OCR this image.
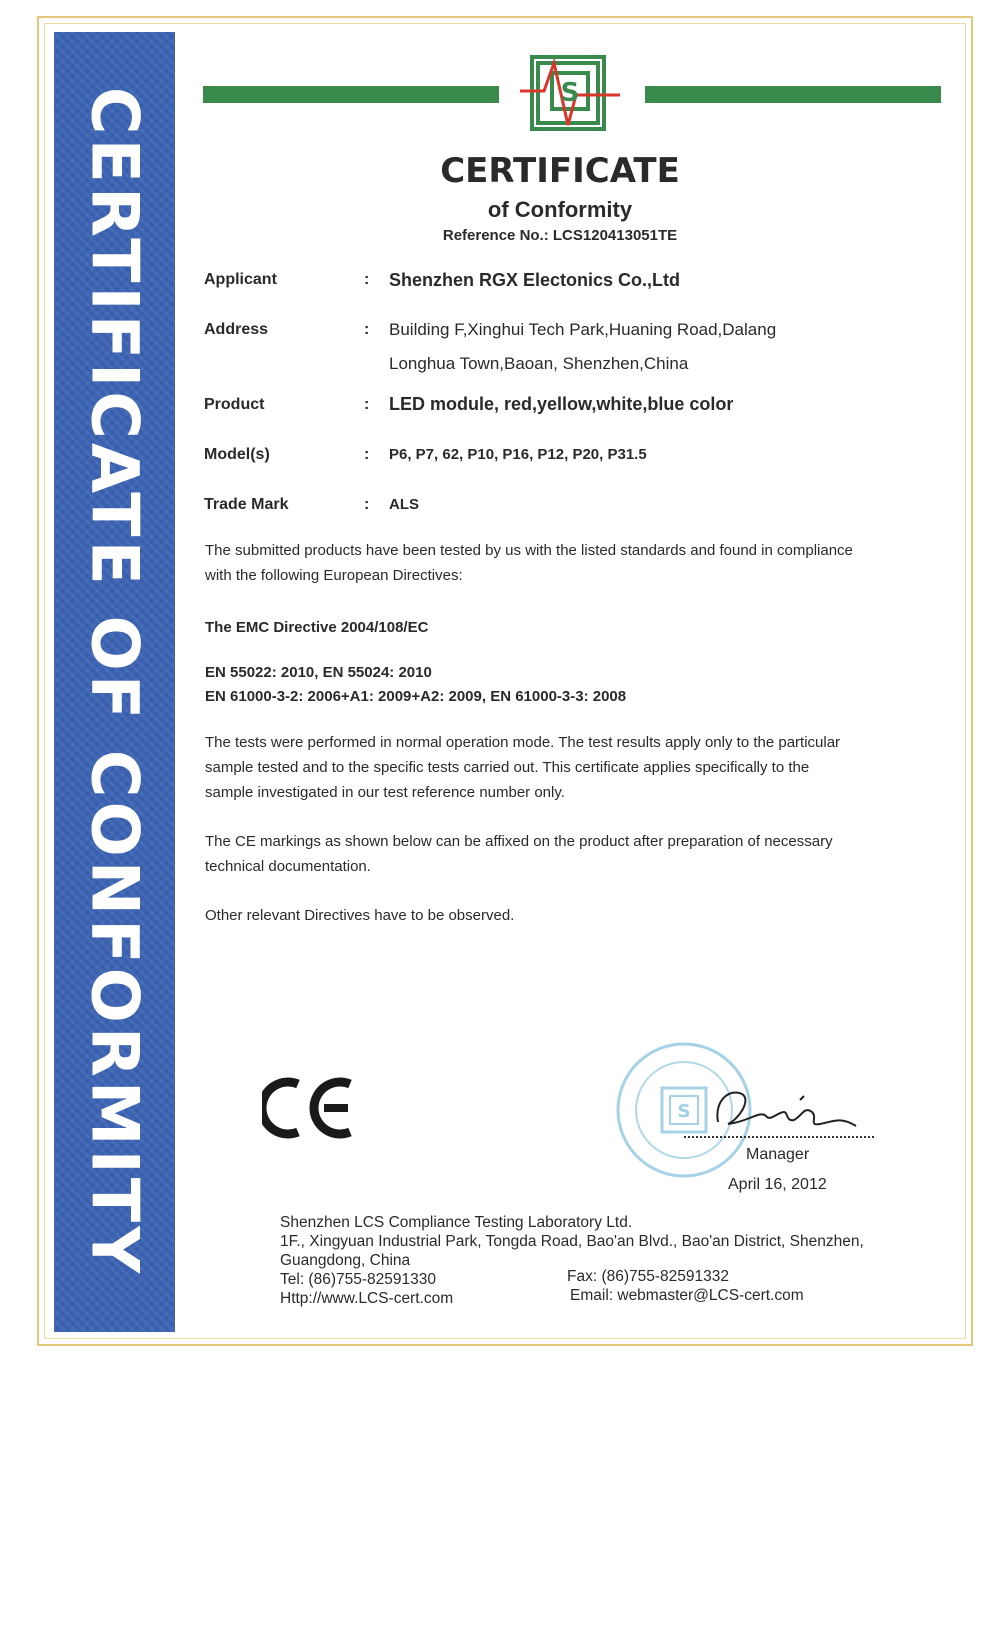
CERTIFICATE OF CONFORMITY	S
CERTIFICATE
of Conformity
Reference No.: LCS120413051TE
Applicant	: Shenzhen RGX Electonics Co.,Ltd
Address	: Building F,Xinghui Tech Park,Huaning Road,Dalang
Longhua Town,Baoan, Shenzhen,China
Product	: LED module, red,yellow,white,blue color
Model(s)	: P6, P7, 62, P10, P16, P12, P20, P31.5
Trade Mark	: ALS
The submitted products have been tested by us with the listed standards and found in compliance
with the following European Directives:
The EMC Directive 2004/108/EC
EN 55022: 2010, EN 55024: 2010
EN 61000-3-2: 2006+A1: 2009+A2: 2009, EN 61000-3-3: 2008
The tests were performed in normal operation mode. The test results apply only to the particular
sample tested and to the specific tests carried out. This certificate applies specifically to the
sample investigated in our test reference number only.
The CE markings as shown below can be affixed on the product after preparation of necessary
technical documentation.
Other relevant Directives have to be observed.
S
Manager
April 16, 2012
Shenzhen LCS Compliance Testing Laboratory Ltd.
1F., Xingyuan Industrial Park, Tongda Road, Bao'an Blvd., Bao'an District, Shenzhen,
Guangdong, China
Tel: (86)755-82591330	Fax: (86)755-82591332
Http://www.LCS-cert.com	Email: webmaster@LCS-cert.com
